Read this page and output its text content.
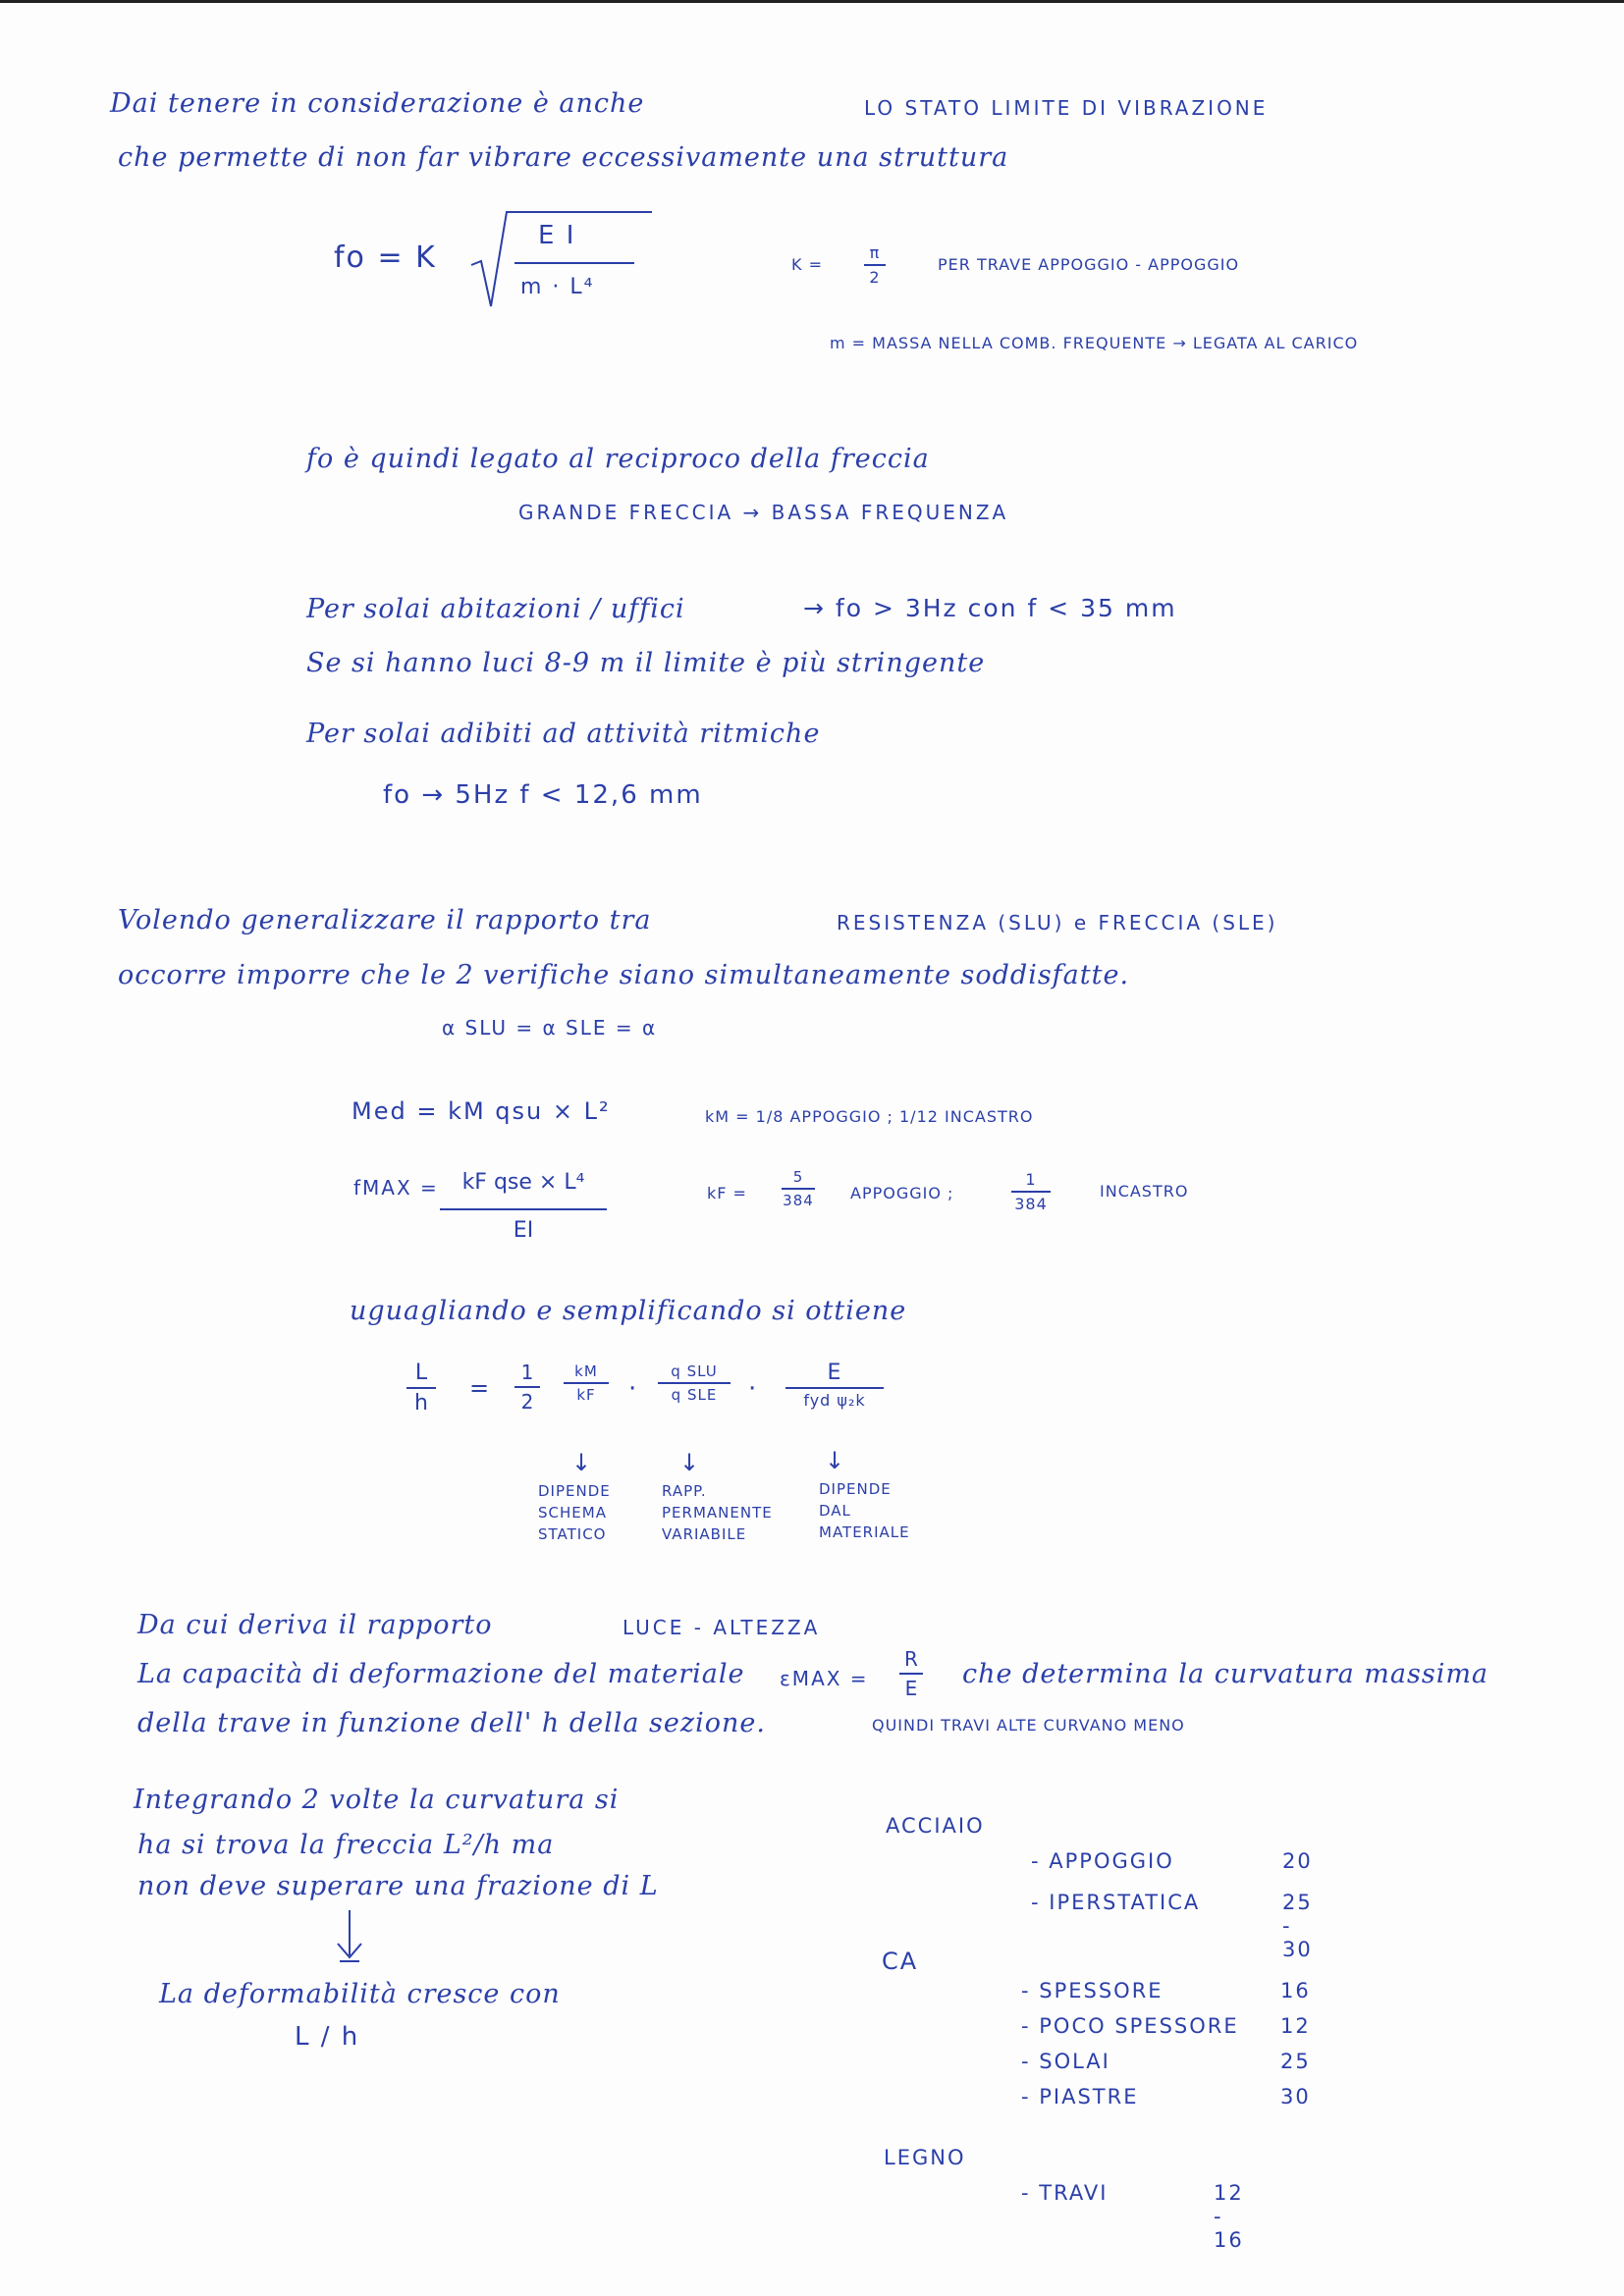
Dai tenere in considerazione è anche	LO STATO LIMITE DI VIBRAZIONE
che permette di non far vibrare eccessivamente una struttura
fo = K
E I
m · L⁴
K =
π
2
PER TRAVE APPOGGIO - APPOGGIO
m = MASSA NELLA COMB. FREQUENTE → LEGATA AL CARICO
fo è quindi legato al reciproco della freccia
GRANDE FRECCIA → BASSA FREQUENZA
Per solai abitazioni / uffici	→ fo > 3Hz con f < 35 mm
Se si hanno luci 8-9 m il limite è più stringente
Per solai adibiti ad attività ritmiche
fo → 5Hz f < 12,6 mm
Volendo generalizzare il rapporto tra	RESISTENZA (SLU) e FRECCIA (SLE)
occorre imporre che le 2 verifiche siano simultaneamente soddisfatte.
α SLU = α SLE = α
Med = kM qsu × L²	kM = 1/8 APPOGGIO ; 1/12 INCASTRO
fMAX =	kF qse × L⁴
EI
kF =
5
384 APPOGGIO ;
1
384
INCASTRO
uguagliando e semplificando si ottiene
L
h
=
1
2
kM
kF	·
q SLU
q SLE	·
E
fyd ψ₂k
↓	↓	↓
DIPENDE
SCHEMA
STATICO
RAPP.
PERMANENTE
VARIABILE
DIPENDE
DAL
MATERIALE
Da cui deriva il rapporto	LUCE - ALTEZZA
La capacità di deformazione del materiale εMAX =
R
E che determina la curvatura massima
della trave in funzione dell' h della sezione.	QUINDI TRAVI ALTE CURVANO MENO
Integrando 2 volte la curvatura si
ha si trova la freccia L²/h ma
non deve superare una frazione di L
La deformabilità cresce con
L / h
ACCIAIO
- APPOGGIO	20
- IPERSTATICA	25 - 30
CA
- SPESSORE	16
- POCO SPESSORE 12
- SOLAI	25
- PIASTRE	30
LEGNO
- TRAVI	12 - 16
